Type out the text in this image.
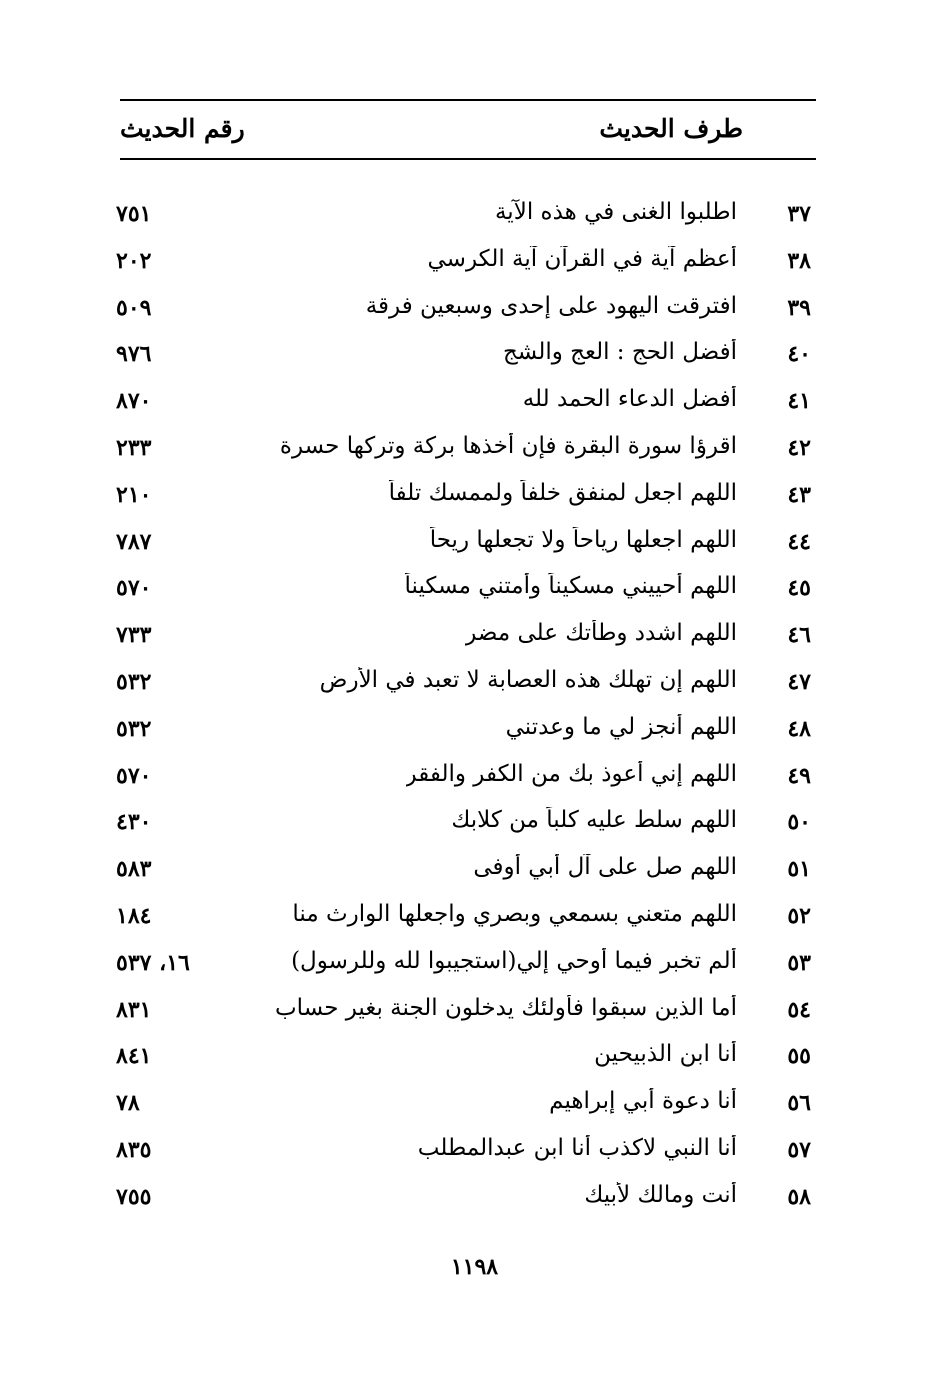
طرف الحديث
رقم الحديث
٣٧
اطلبوا الغنى في هذه الآية
٧٥١
٣٨
أعظم آية في القرآن آية الكرسي
٢٠٢
٣٩
افترقت اليهود على إحدى وسبعين فرقة
٥٠٩
٤٠
أفضل الحج : العج والشج
٩٧٦
٤١
أفضل الدعاء الحمد لله
٨٧٠
٤٢
اقرؤا سورة البقرة فإن أخذها بركة وتركها حسرة
٢٣٣
٤٣
اللهم اجعل لمنفق خلفاً ولممسك تلفاً
٢١٠
٤٤
اللهم اجعلها رياحاً ولا تجعلها ريحاً
٧٨٧
٤٥
اللهم أحييني مسكيناً وأمتني مسكيناً
٥٧٠
٤٦
اللهم اشدد وطأتك على مضر
٧٣٣
٤٧
اللهم إن تهلك هذه العصابة لا تعبد في الأرض
٥٣٢
٤٨
اللهم أنجز لي ما وعدتني
٥٣٢
٤٩
اللهم إني أعوذ بك من الكفر والفقر
٥٧٠
٥٠
اللهم سلط عليه كلباً من كلابك
٤٣٠
٥١
اللهم صل على آل أبي أوفى
٥٨٣
٥٢
اللهم متعني بسمعي وبصري واجعلها الوارث منا
١٨٤
٥٣
ألم تخبر فيما أوحي إلي(استجيبوا لله وللرسول)
١٦، ٥٣٧
٥٤
أما الذين سبقوا فأولئك يدخلون الجنة بغير حساب
٨٣١
٥٥
أنا ابن الذبيحين
٨٤١
٥٦
أنا دعوة أبي إبراهيم
٧٨
٥٧
أنا النبي لاكذب أنا ابن عبدالمطلب
٨٣٥
٥٨
أنت ومالك لأبيك
٧٥٥
١١٩٨
